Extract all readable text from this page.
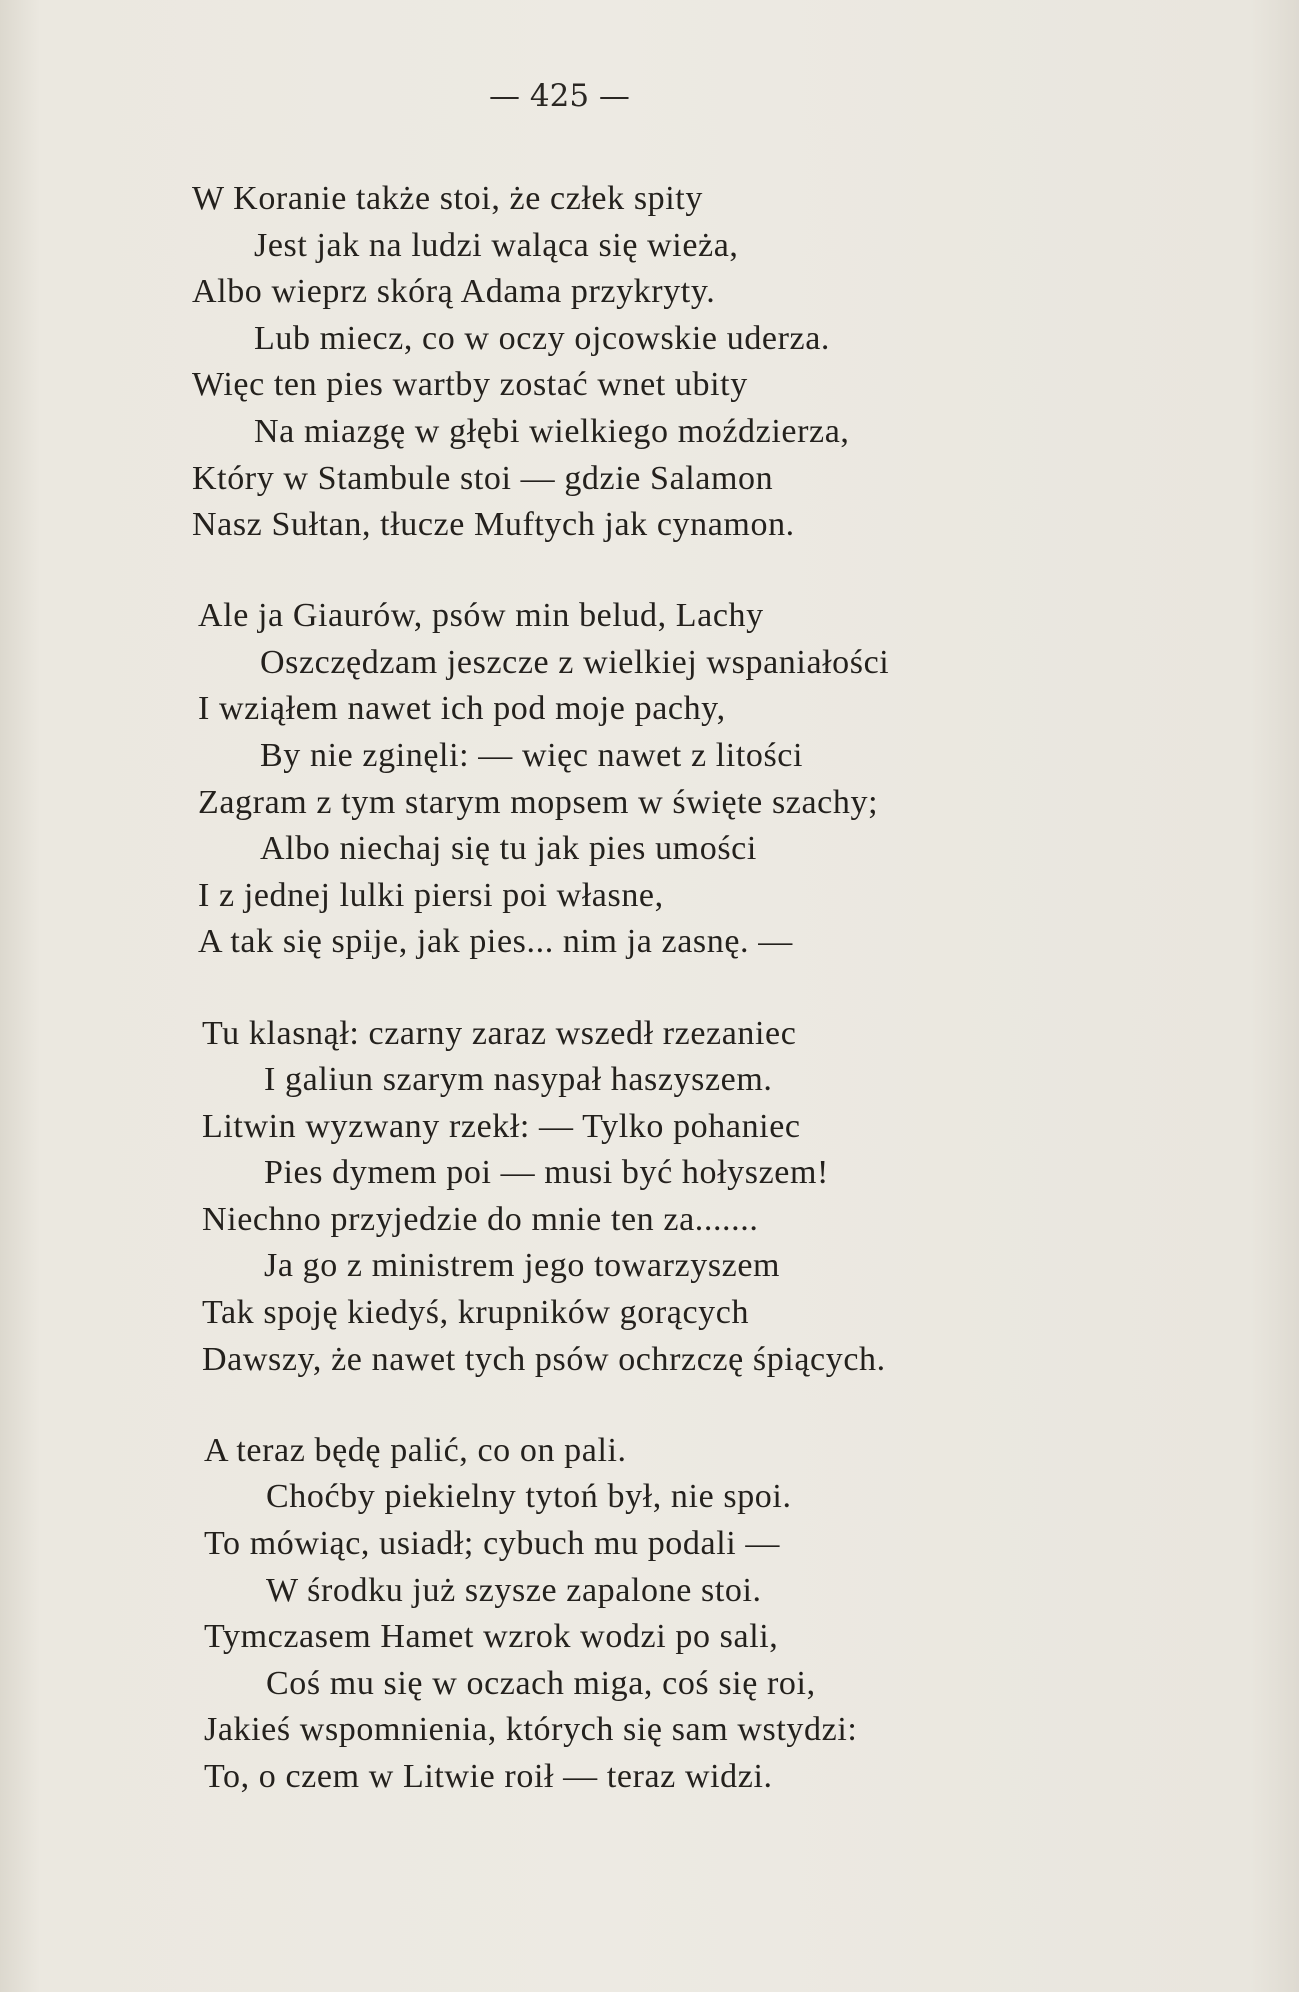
— 425 —
W Koranie także stoi, że człek spity
Jest jak na ludzi waląca się wieża,
Albo wieprz skórą Adama przykryty.
Lub miecz, co w oczy ojcowskie uderza.
Więc ten pies wartby zostać wnet ubity
Na miazgę w głębi wielkiego moździerza,
Który w Stambule stoi — gdzie Salamon
Nasz Sułtan, tłucze Muftych jak cynamon.
Ale ja Giaurów, psów min belud, Lachy
Oszczędzam jeszcze z wielkiej wspaniałości
I wziąłem nawet ich pod moje pachy,
By nie zginęli: — więc nawet z litości
Zagram z tym starym mopsem w święte szachy;
Albo niechaj się tu jak pies umości
I z jednej lulki piersi poi własne,
A tak się spije, jak pies... nim ja zasnę. —
Tu klasnął: czarny zaraz wszedł rzezaniec
I galiun szarym nasypał haszyszem.
Litwin wyzwany rzekł: — Tylko pohaniec
Pies dymem poi — musi być hołyszem!
Niechno przyjedzie do mnie ten za.......
Ja go z ministrem jego towarzyszem
Tak spoję kiedyś, krupników gorących
Dawszy, że nawet tych psów ochrzczę śpiących.
A teraz będę palić, co on pali.
Choćby piekielny tytoń był, nie spoi.
To mówiąc, usiadł; cybuch mu podali —
W środku już szysze zapalone stoi.
Tymczasem Hamet wzrok wodzi po sali,
Coś mu się w oczach miga, coś się roi,
Jakieś wspomnienia, których się sam wstydzi:
To, o czem w Litwie roił — teraz widzi.
